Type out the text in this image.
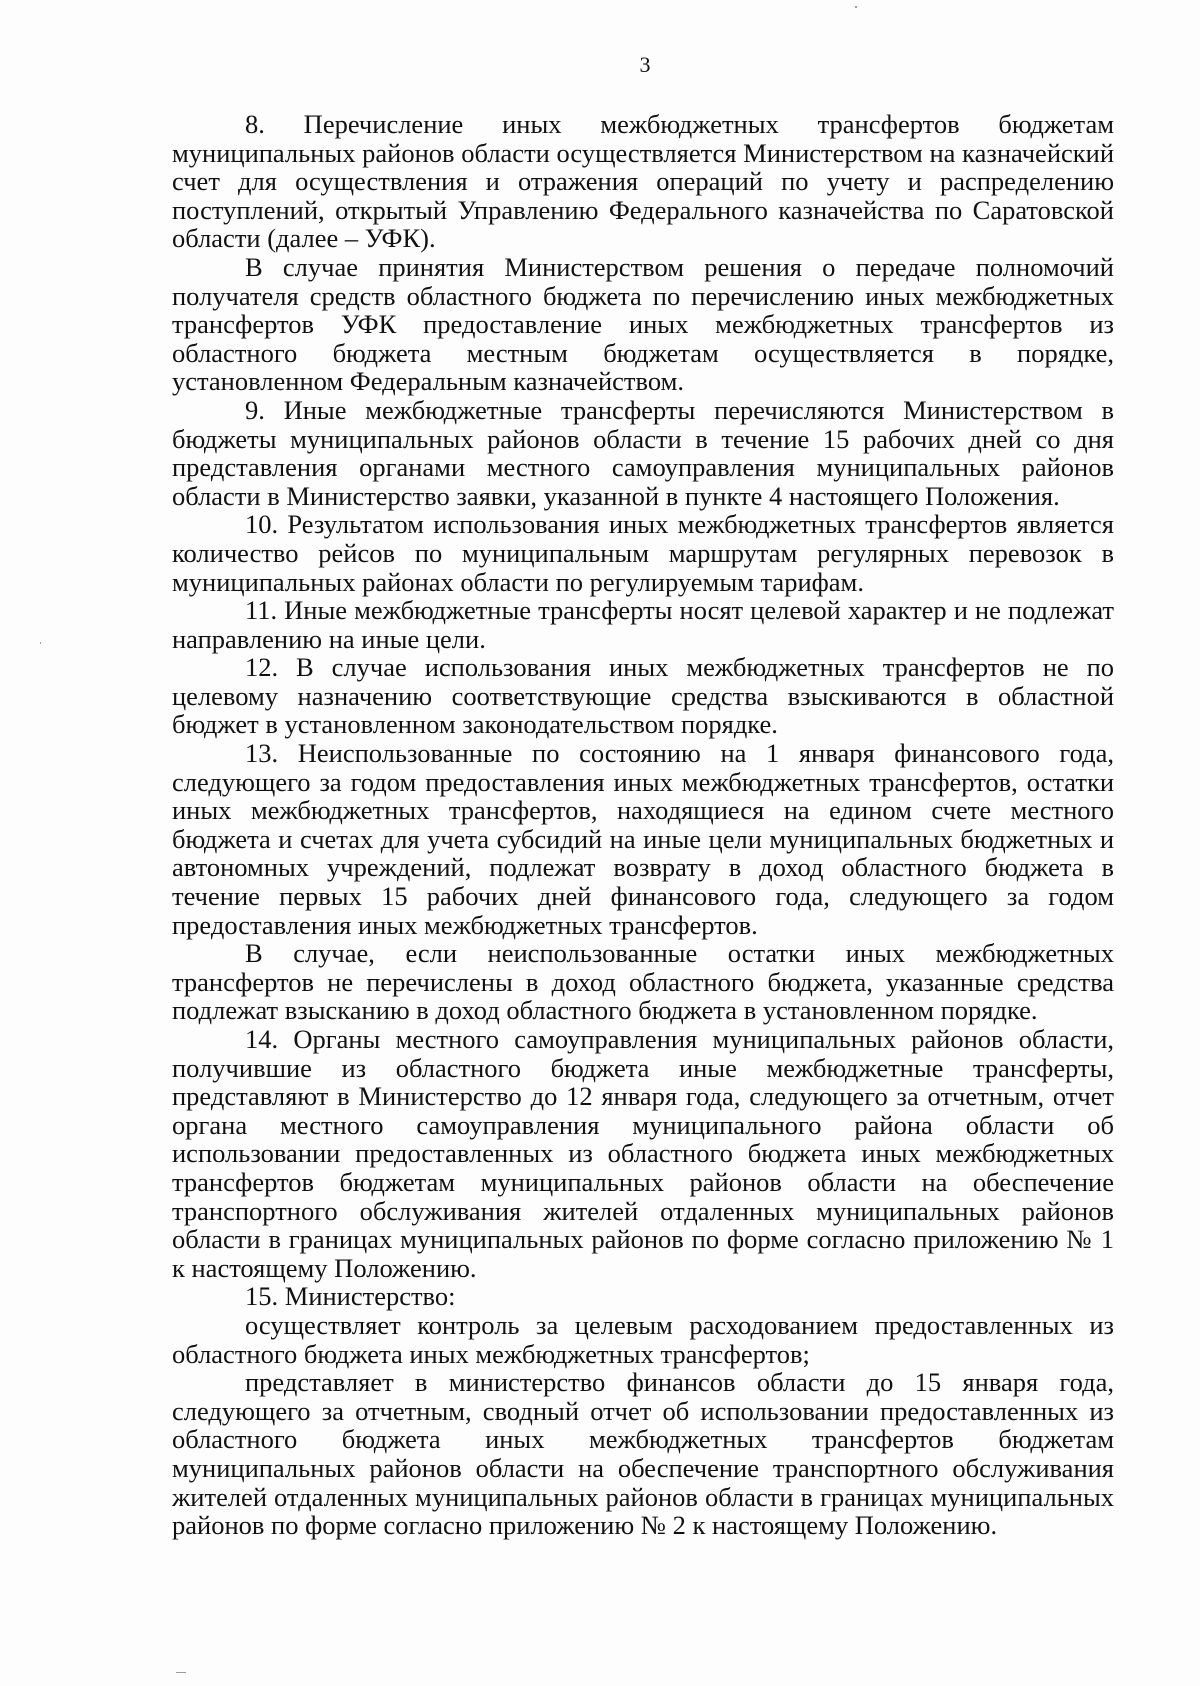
3

8. Перечисление иных межбюджетных трансфертов бюджетам муниципальных районов области осуществляется Министерством на казначейский счет для осуществления и отражения операций по учету и распределению поступлений, открытый Управлению Федерального казначейства по Саратовской области (далее – УФК).

В случае принятия Министерством решения о передаче полномочий получателя средств областного бюджета по перечислению иных межбюджетных трансфертов УФК предоставление иных межбюджетных трансфертов из областного бюджета местным бюджетам осуществляется в порядке, установленном Федеральным казначейством.

9. Иные межбюджетные трансферты перечисляются Министерством в бюджеты муниципальных районов области в течение 15 рабочих дней со дня представления органами местного самоуправления муниципальных районов области в Министерство заявки, указанной в пункте 4 настоящего Положения.

10. Результатом использования иных межбюджетных трансфертов является количество рейсов по муниципальным маршрутам регулярных перевозок в муниципальных районах области по регулируемым тарифам.

11. Иные межбюджетные трансферты носят целевой характер и не подлежат направлению на иные цели.

12. В случае использования иных межбюджетных трансфертов не по целевому назначению соответствующие средства взыскиваются в областной бюджет в установленном законодательством порядке.

13. Неиспользованные по состоянию на 1 января финансового года, следующего за годом предоставления иных межбюджетных трансфертов, остатки иных межбюджетных трансфертов, находящиеся на едином счете местного бюджета и счетах для учета субсидий на иные цели муниципальных бюджетных и автономных учреждений, подлежат возврату в доход областного бюджета в течение первых 15 рабочих дней финансового года, следующего за годом предоставления иных межбюджетных трансфертов.

В случае, если неиспользованные остатки иных межбюджетных трансфертов не перечислены в доход областного бюджета, указанные средства подлежат взысканию в доход областного бюджета в установленном порядке.

14. Органы местного самоуправления муниципальных районов области, получившие из областного бюджета иные межбюджетные трансферты, представляют в Министерство до 12 января года, следующего за отчетным, отчет органа местного самоуправления муниципального района области об использовании предоставленных из областного бюджета иных межбюджетных трансфертов бюджетам муниципальных районов области на обеспечение транспортного обслуживания жителей отдаленных муниципальных районов области в границах муниципальных районов по форме согласно приложению № 1 к настоящему Положению.

15. Министерство:

осуществляет контроль за целевым расходованием предоставленных из областного бюджета иных межбюджетных трансфертов;

представляет в министерство финансов области до 15 января года, следующего за отчетным, сводный отчет об использовании предоставленных из областного бюджета иных межбюджетных трансфертов бюджетам муниципальных районов области на обеспечение транспортного обслуживания жителей отдаленных муниципальных районов области в границах муниципальных районов по форме согласно приложению № 2 к настоящему Положению.
